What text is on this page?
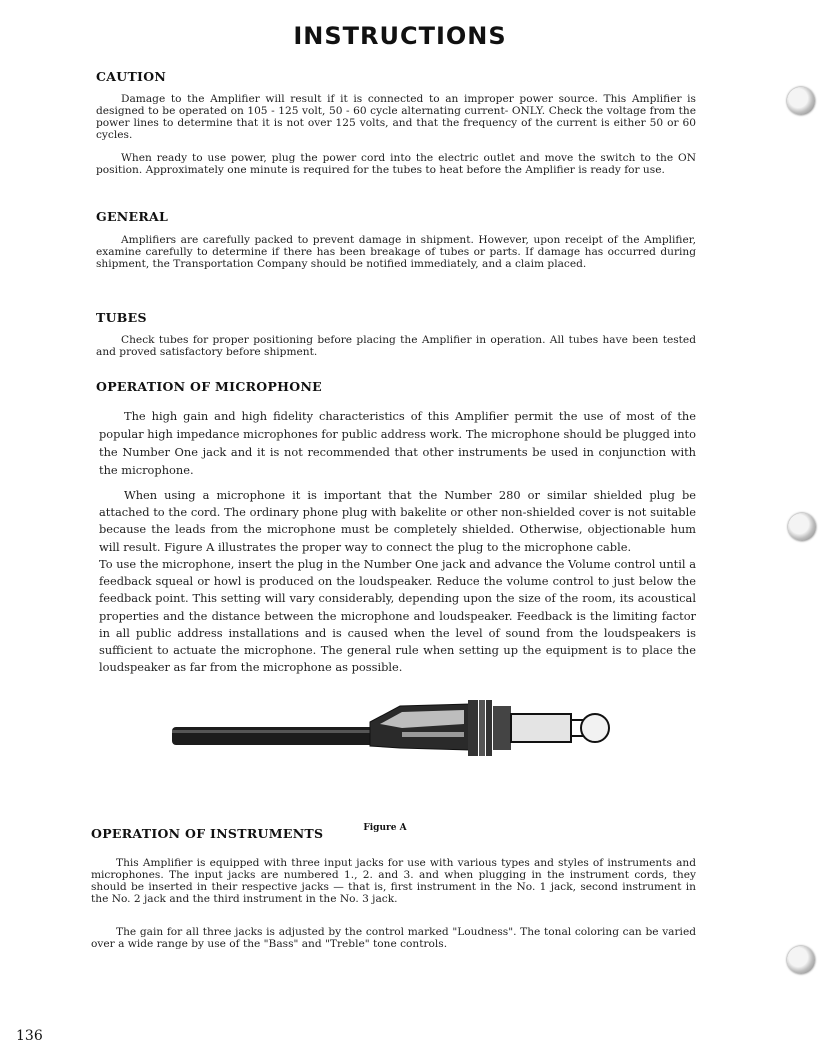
INSTRUCTIONS
CAUTION

Damage to the Amplifier will result if it is connected to an improper power source. This Amplifier is designed to be operated on 105 - 125 volt, 50 - 60 cycle alternating current- ONLY. Check the voltage from the power lines to determine that it is not over 125 volts, and that the frequency of the current is either 50 or 60 cycles.

When ready to use power, plug the power cord into the electric outlet and move the switch to the ON position. Approximately one minute is required for the tubes to heat before the Amplifier is ready for use.

GENERAL

Amplifiers are carefully packed to prevent damage in shipment. However, upon receipt of the Amplifier, examine carefully to determine if there has been breakage of tubes or parts. If damage has occurred during shipment, the Transportation Company should be notified immediately, and a claim placed.

TUBES

Check tubes for proper positioning before placing the Amplifier in operation. All tubes have been tested and proved satisfactory before shipment.

OPERATION OF MICROPHONE

The high gain and high fidelity characteristics of this Amplifier permit the use of most of the popular high impedance microphones for public address work. The microphone should be plugged into the Number One jack and it is not recommended that other instruments be used in conjunction with the microphone.

When using a microphone it is important that the Number 280 or similar shielded plug be attached to the cord. The ordinary phone plug with bakelite or other non-shielded cover is not suitable because the leads from the microphone must be completely shielded. Otherwise, objectionable hum will result. Figure A illustrates the proper way to connect the plug to the microphone cable.

To use the microphone, insert the plug in the Number One jack and advance the Volume control until a feedback squeal or howl is produced on the loudspeaker. Reduce the volume control to just below the feedback point. This setting will vary considerably, depending upon the size of the room, its acoustical properties and the distance between the microphone and loudspeaker. Feedback is the limiting factor in all public address installations and is caused when the level of sound from the loudspeakers is sufficient to actuate the microphone. The general rule when setting up the equipment is to place the loudspeaker as far from the microphone as possible.

Figure A
OPERATION OF INSTRUMENTS

This Amplifier is equipped with three input jacks for use with various types and styles of instruments and microphones. The input jacks are numbered 1., 2. and 3. and when plugging in the instrument cords, they should be inserted in their respective jacks — that is, first instrument in the No. 1 jack, second instrument in the No. 2 jack and the third instrument in the No. 3 jack.

The gain for all three jacks is adjusted by the control marked "Loudness". The tonal coloring can be varied over a wide range by use of the "Bass" and "Treble" tone controls.

136
